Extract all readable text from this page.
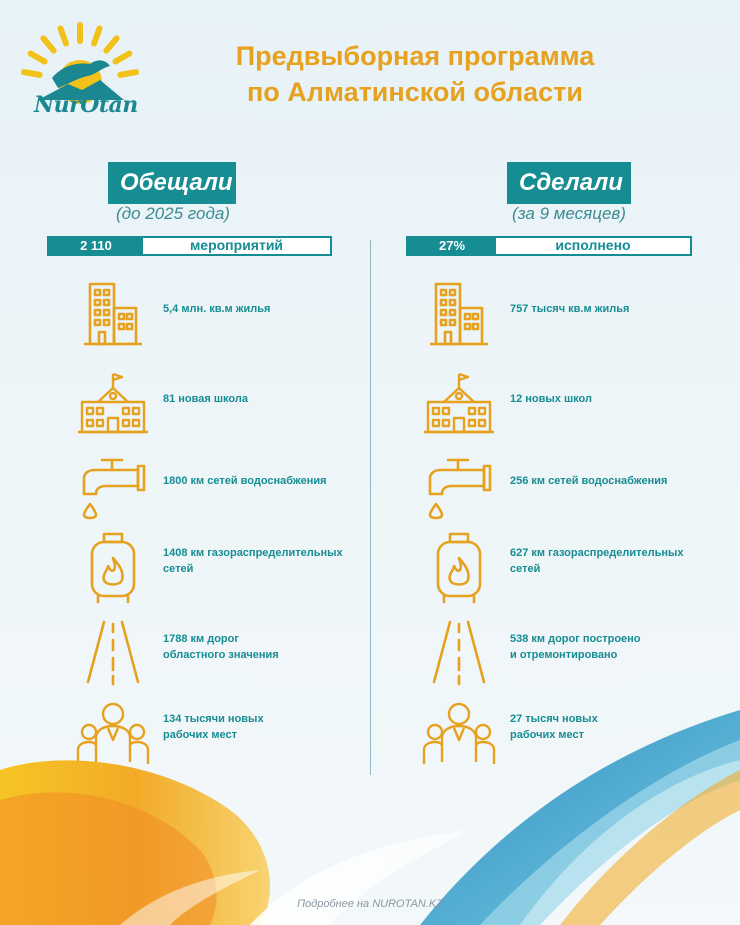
NurOtan
Предвыборная программа
по Алматинской области
Обещали
(до 2025 года)
2 110	мероприятий
Сделали
(за 9 месяцев)
27%	исполнено
5,4 млн. кв.м жилья
81 новая школа
1800 км сетей водоснабжения
1408 км газораспределительных
сетей
1788 км дорог
областного значения
134 тысячи новых
рабочих мест
757 тысяч кв.м жилья
12 новых школ
256 км сетей водоснабжения
627 км газораспределительных
сетей
538 км дорог построено
и отремонтировано
27 тысяч новых
рабочих мест
Подробнее на NUROTAN.KZ
